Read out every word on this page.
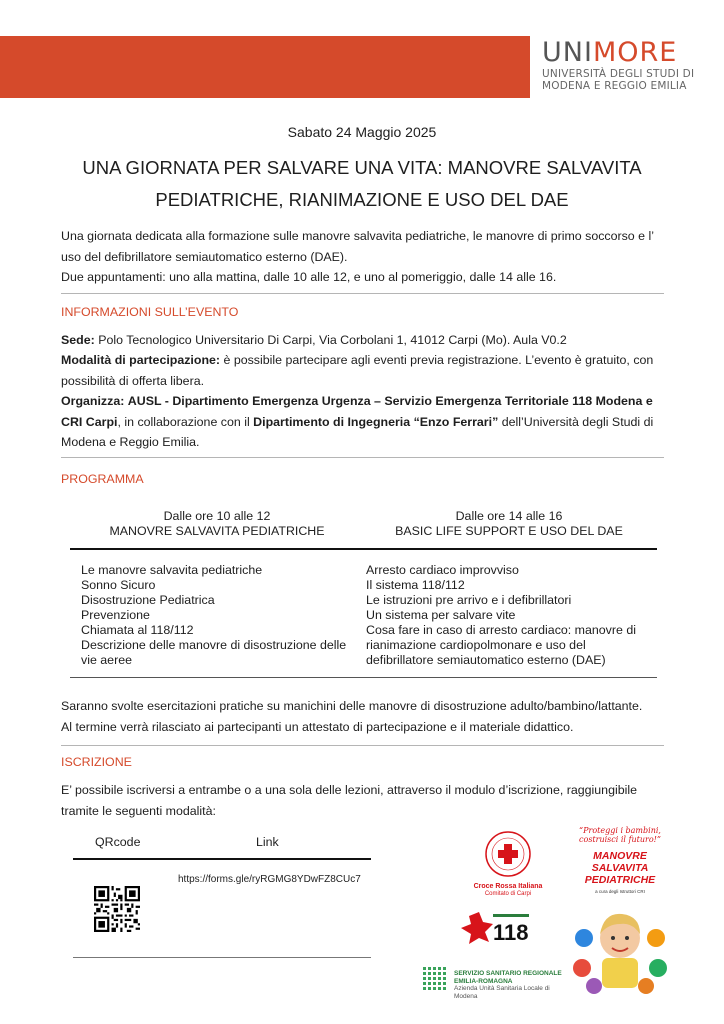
UNIMORE
UNIVERSITÀ DEGLI STUDI DI
MODENA E REGGIO EMILIA
Sabato 24 Maggio 2025
UNA GIORNATA PER SALVARE UNA VITA: MANOVRE SALVAVITA
PEDIATRICHE, RIANIMAZIONE E USO DEL DAE
Una giornata dedicata alla formazione sulle manovre salvavita pediatriche, le manovre di primo soccorso e l’ uso del defibrillatore semiautomatico esterno (DAE).
Due appuntamenti: uno alla mattina, dalle 10 alle 12, e uno al pomeriggio, dalle 14 alle 16.
INFORMAZIONI SULL’EVENTO
Sede: Polo Tecnologico Universitario Di Carpi, Via Corbolani 1, 41012 Carpi (Mo). Aula V0.2
Modalità di partecipazione: è possibile partecipare agli eventi previa registrazione. L’evento è gratuito, con possibilità di offerta libera.
Organizza: AUSL - Dipartimento Emergenza Urgenza – Servizio Emergenza Territoriale 118 Modena e CRI Carpi, in collaborazione con il Dipartimento di Ingegneria “Enzo Ferrari” dell’Università degli Studi di Modena e Reggio Emilia.
PROGRAMMA
Dalle ore 10 alle 12
MANOVRE SALVAVITA PEDIATRICHE
Dalle ore 14 alle 16
BASIC LIFE SUPPORT E USO DEL DAE
Le manovre salvavita pediatriche
Sonno Sicuro
Disostruzione Pediatrica
Prevenzione
Chiamata al 118/112
Descrizione delle manovre di disostruzione delle vie aeree
Arresto cardiaco improvviso
Il sistema 118/112
Le istruzioni pre arrivo e i defibrillatori
Un sistema per salvare vite
Cosa fare in caso di arresto cardiaco: manovre di rianimazione cardiopolmonare e uso del defibrillatore semiautomatico esterno (DAE)
Saranno svolte esercitazioni pratiche su manichini delle manovre di disostruzione adulto/bambino/lattante.
Al termine verrà rilasciato ai partecipanti un attestato di partecipazione e il materiale didattico.
ISCRIZIONE
E’ possibile iscriversi a entrambe o a una sola delle lezioni, attraverso il modulo d’iscrizione, raggiungibile tramite le seguenti modalità:
QRcode	Link
https://forms.gle/ryRGMG8YDwFZ8CUc7
Croce Rossa Italiana
Comitato di Carpi
118
SERVIZIO SANITARIO REGIONALE
EMILIA-ROMAGNA
Azienda Unità Sanitaria Locale di Modena
“Proteggi i bambini, costruisci il futuro!”
MANOVRE SALVAVITA PEDIATRICHE
a cura degli Istruttori CRI
